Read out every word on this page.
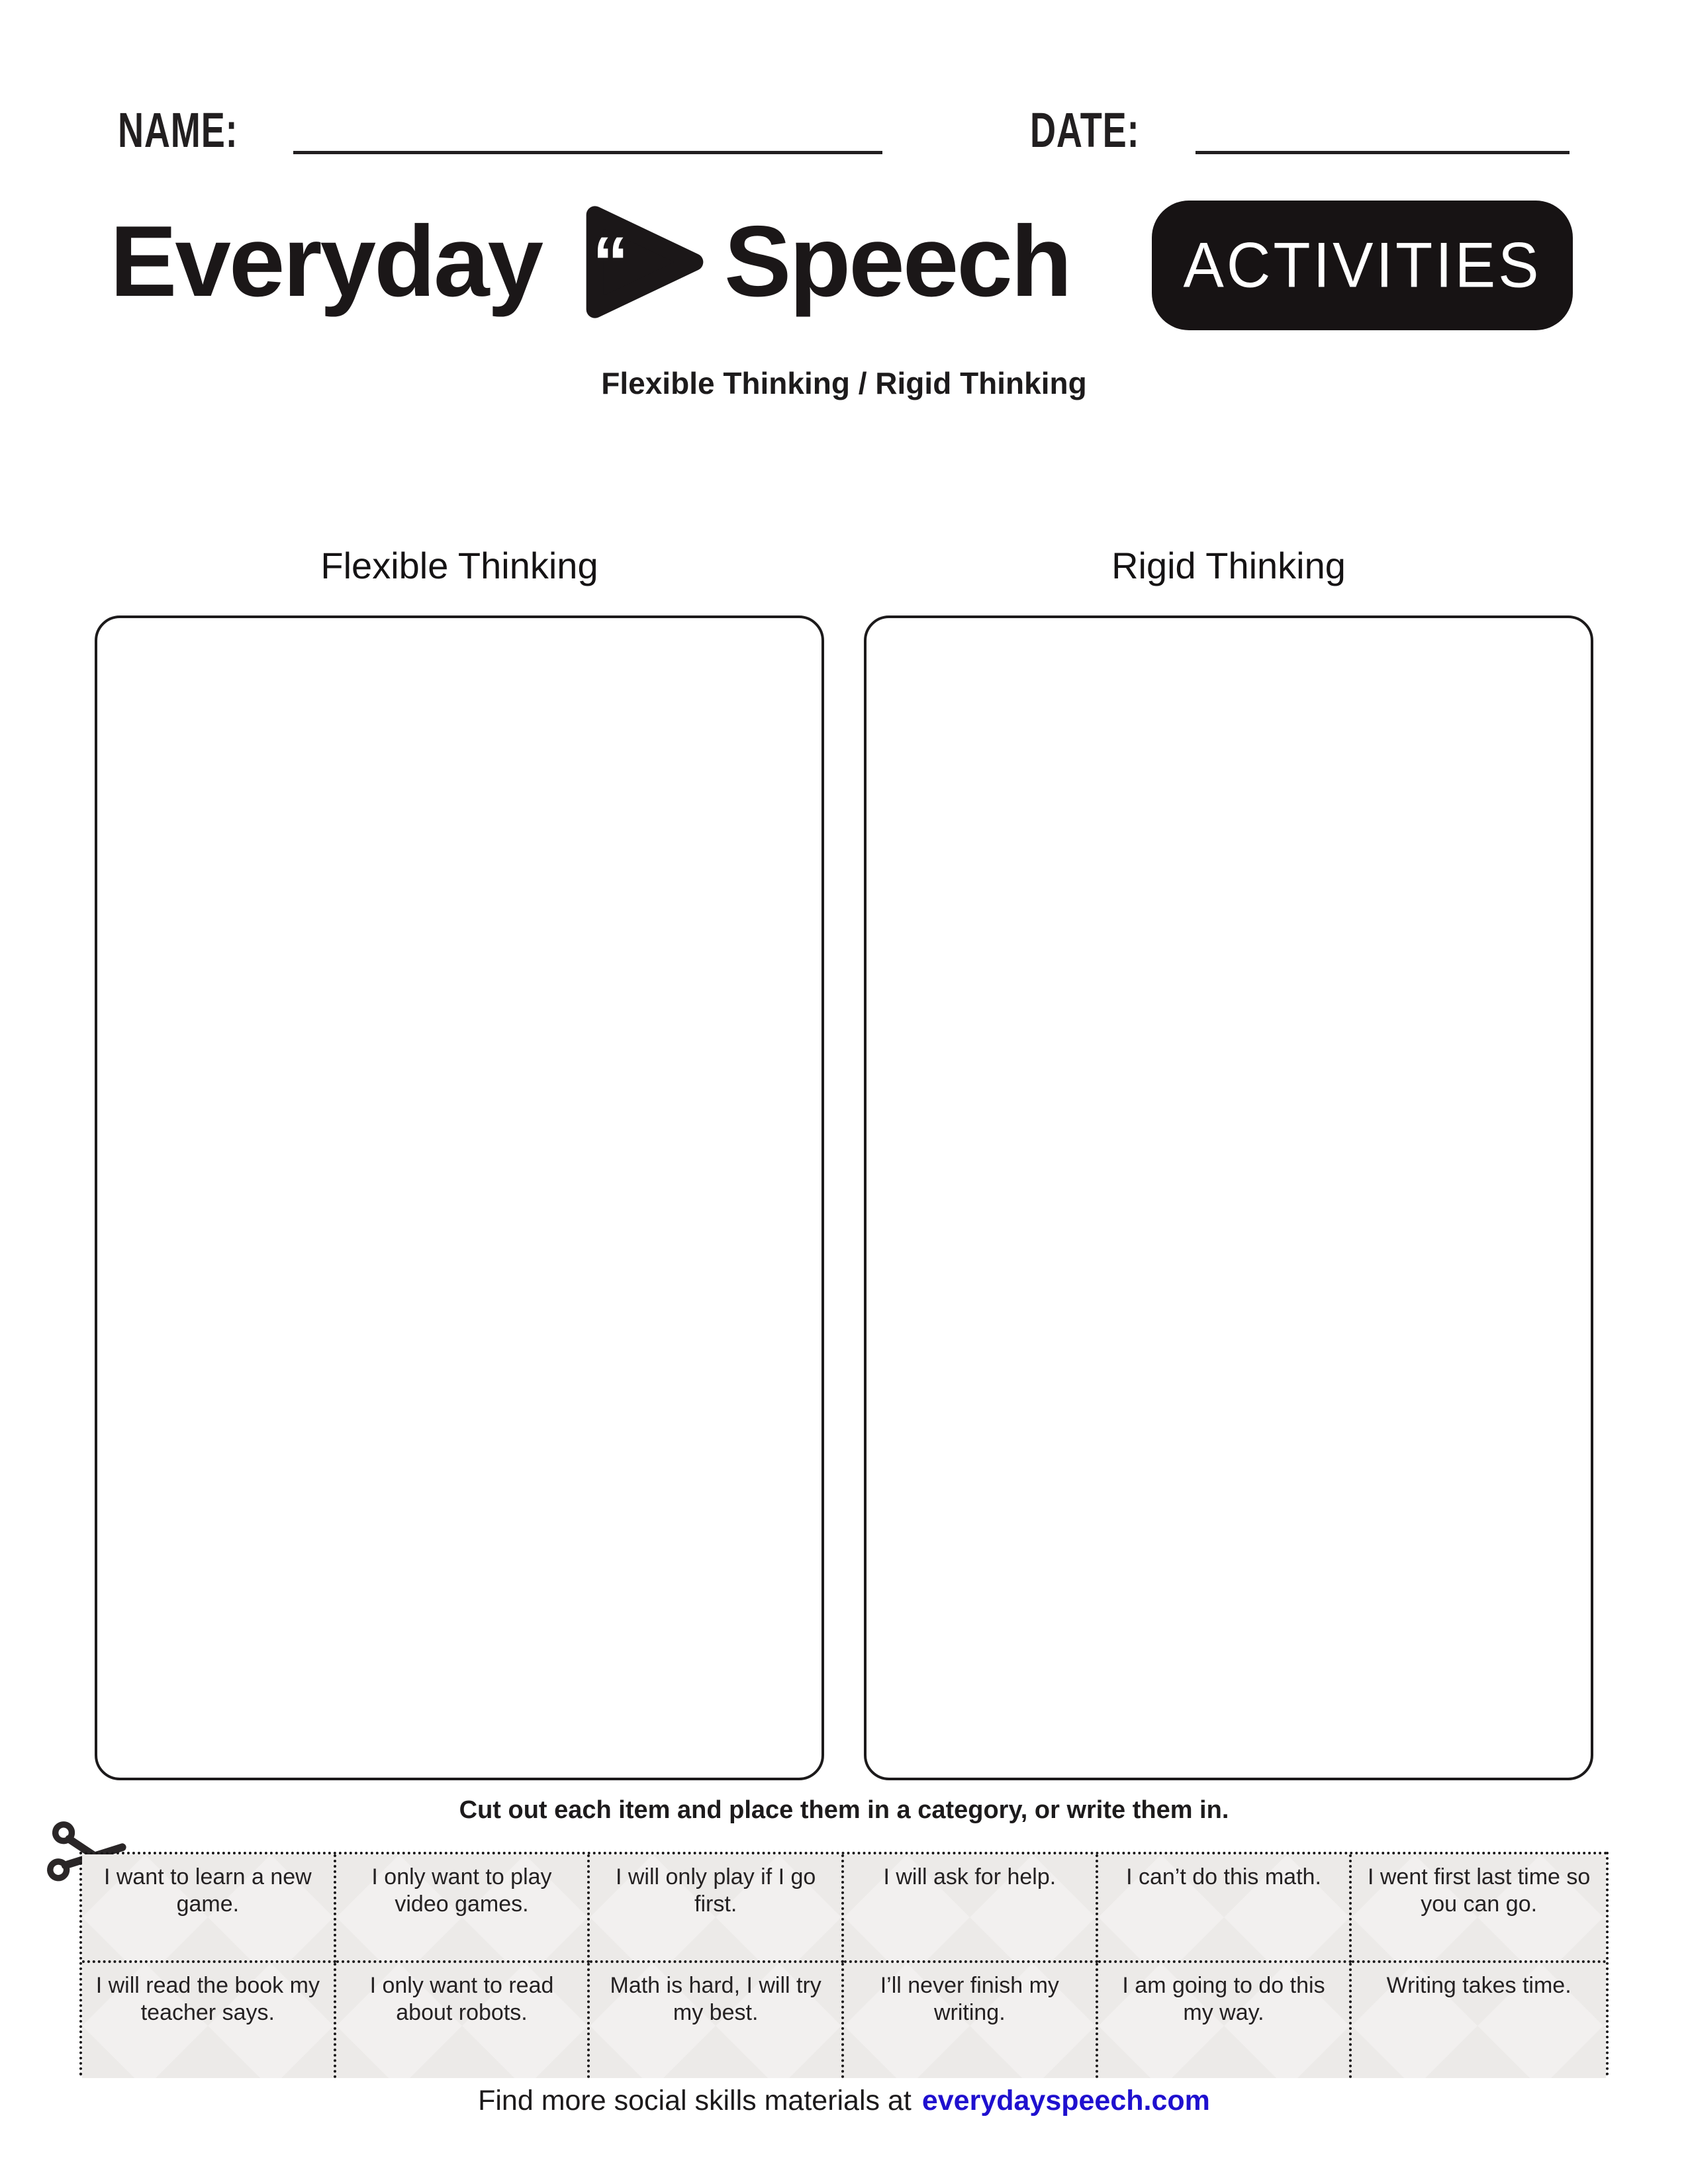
NAME:	DATE:
Everyday “ Speech ACTIVITIES
Flexible Thinking / Rigid Thinking
Flexible Thinking	Rigid Thinking
Cut out each item and place them in a category, or write them in.
I want to learn a new game.
I only want to play video games.
I will only play if I go first.
I will ask for help.	I can’t do this math.	I went first last time so you can go.
I will read the book my teacher says.
I only want to read about robots.
Math is hard, I will try my best.
I’ll never finish my writing.
I am going to do this my way.
Writing takes time.
Find more social skills materials at everydayspeech.com
